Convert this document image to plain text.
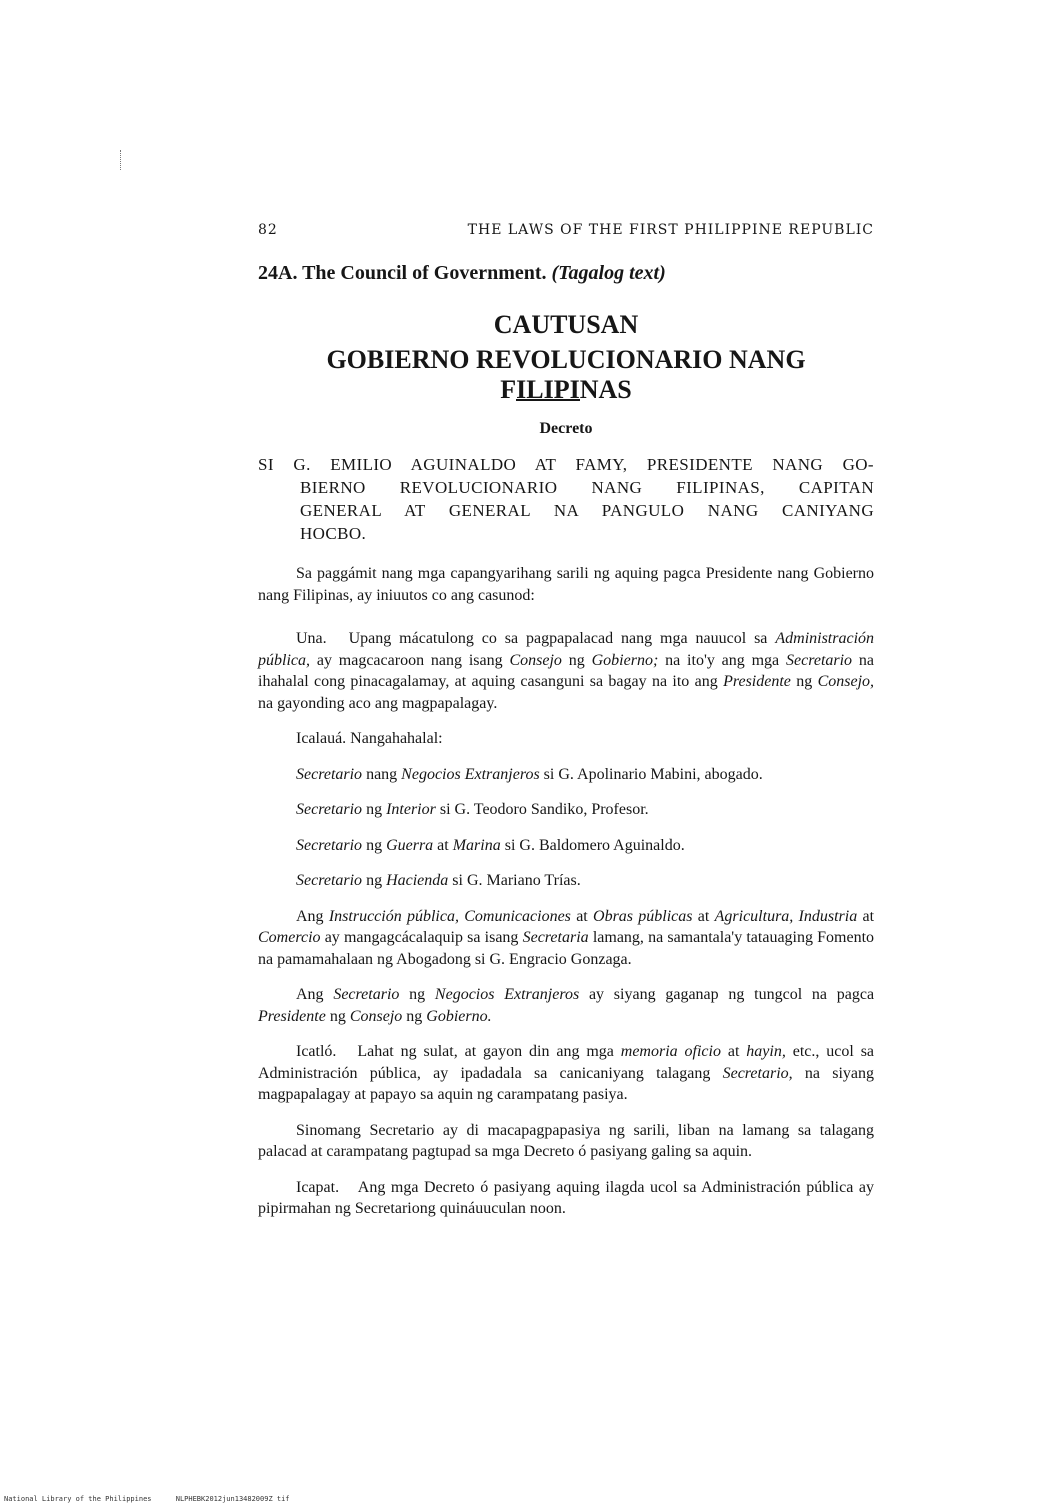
82	THE LAWS OF THE FIRST PHILIPPINE REPUBLIC
24A. The Council of Government. (Tagalog text)
CAUTUSAN
GOBIERNO REVOLUCIONARIO NANG FILIPINAS
Decreto
SI G. EMILIO AGUINALDO AT FAMY, PRESIDENTE NANG GO-
BIERNO REVOLUCIONARIO NANG FILIPINAS, CAPITAN
GENERAL AT GENERAL NA PANGULO NANG CANIYANG
HOCBO.

Sa paggámit nang mga capangyarihang sarili ng aquing pagca Presidente nang Gobierno nang Filipinas, ay iniuutos co ang casunod:

Una. Upang mácatulong co sa pagpapalacad nang mga nauucol sa Administración pública, ay magcacaroon nang isang Consejo ng Gobierno; na ito'y ang mga Secretario na ihahalal cong pinacagalamay, at aquing casanguni sa bagay na ito ang Presidente ng Consejo, na gayonding aco ang magpapalagay.

Icalauá. Nangahahalal:

Secretario nang Negocios Extranjeros si G. Apolinario Mabini, abogado.

Secretario ng Interior si G. Teodoro Sandiko, Profesor.

Secretario ng Guerra at Marina si G. Baldomero Aguinaldo.

Secretario ng Hacienda si G. Mariano Trías.

Ang Instrucción pública, Comunicaciones at Obras públicas at Agricultura, Industria at Comercio ay mangagcácalaquip sa isang Secretaria lamang, na samantala'y tatauaging Fomento na pamamahalaan ng Abogadong si G. Engracio Gonzaga.

Ang Secretario ng Negocios Extranjeros ay siyang gaganap ng tungcol na pagca Presidente ng Consejo ng Gobierno.

Icatló. Lahat ng sulat, at gayon din ang mga memoria oficio at hayin, etc., ucol sa Administración pública, ay ipadadala sa canicaniyang talagang Secretario, na siyang magpapalagay at papayo sa aquin ng carampatang pasiya.

Sinomang Secretario ay di macapagpapasiya ng sarili, liban na lamang sa talagang palacad at carampatang pagtupad sa mga Decreto ó pasiyang galing sa aquin.

Icapat. Ang mga Decreto ó pasiyang aquing ilagda ucol sa Administración pública ay pipirmahan ng Secretariong quináuuculan noon.

National Library of the Philippines	NLPHEBK2012jun13482009Z tif
